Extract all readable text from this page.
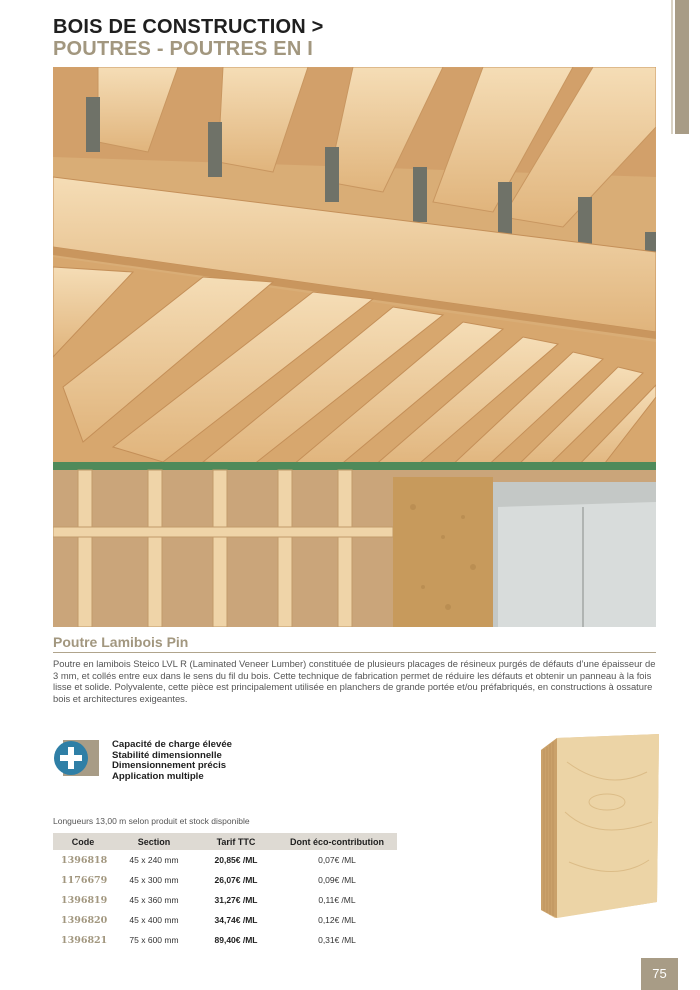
BOIS DE CONSTRUCTION >
POUTRES - POUTRES EN I
Poutre Lamibois Pin
Poutre en lamibois Steico LVL R (Laminated Veneer Lumber) constituée de plusieurs placages de résineux purgés de défauts d’une épaisseur de 3 mm, et collés entre eux dans le sens du fil du bois. Cette technique de fabrication permet de réduire les défauts et obtenir un panneau à la fois lisse et solide. Polyvalente, cette pièce est principalement utilisée en planchers de grande portée et/ou préfabriqués, en constructions à ossature bois et architectures exigeantes.
Capacité de charge élevée
Stabilité dimensionnelle
Dimensionnement précis
Application multiple
Longueurs 13,00 m selon produit et stock disponible
Code	Section	Tarif TTC	Dont éco-contribution
1396818	45 x 240 mm	20,85€ /ML	0,07€ /ML
1176679	45 x 300 mm	26,07€ /ML	0,09€ /ML
1396819	45 x 360 mm	31,27€ /ML	0,11€ /ML
1396820	45 x 400 mm	34,74€ /ML	0,12€ /ML
1396821	75 x 600 mm	89,40€ /ML	0,31€ /ML
75
